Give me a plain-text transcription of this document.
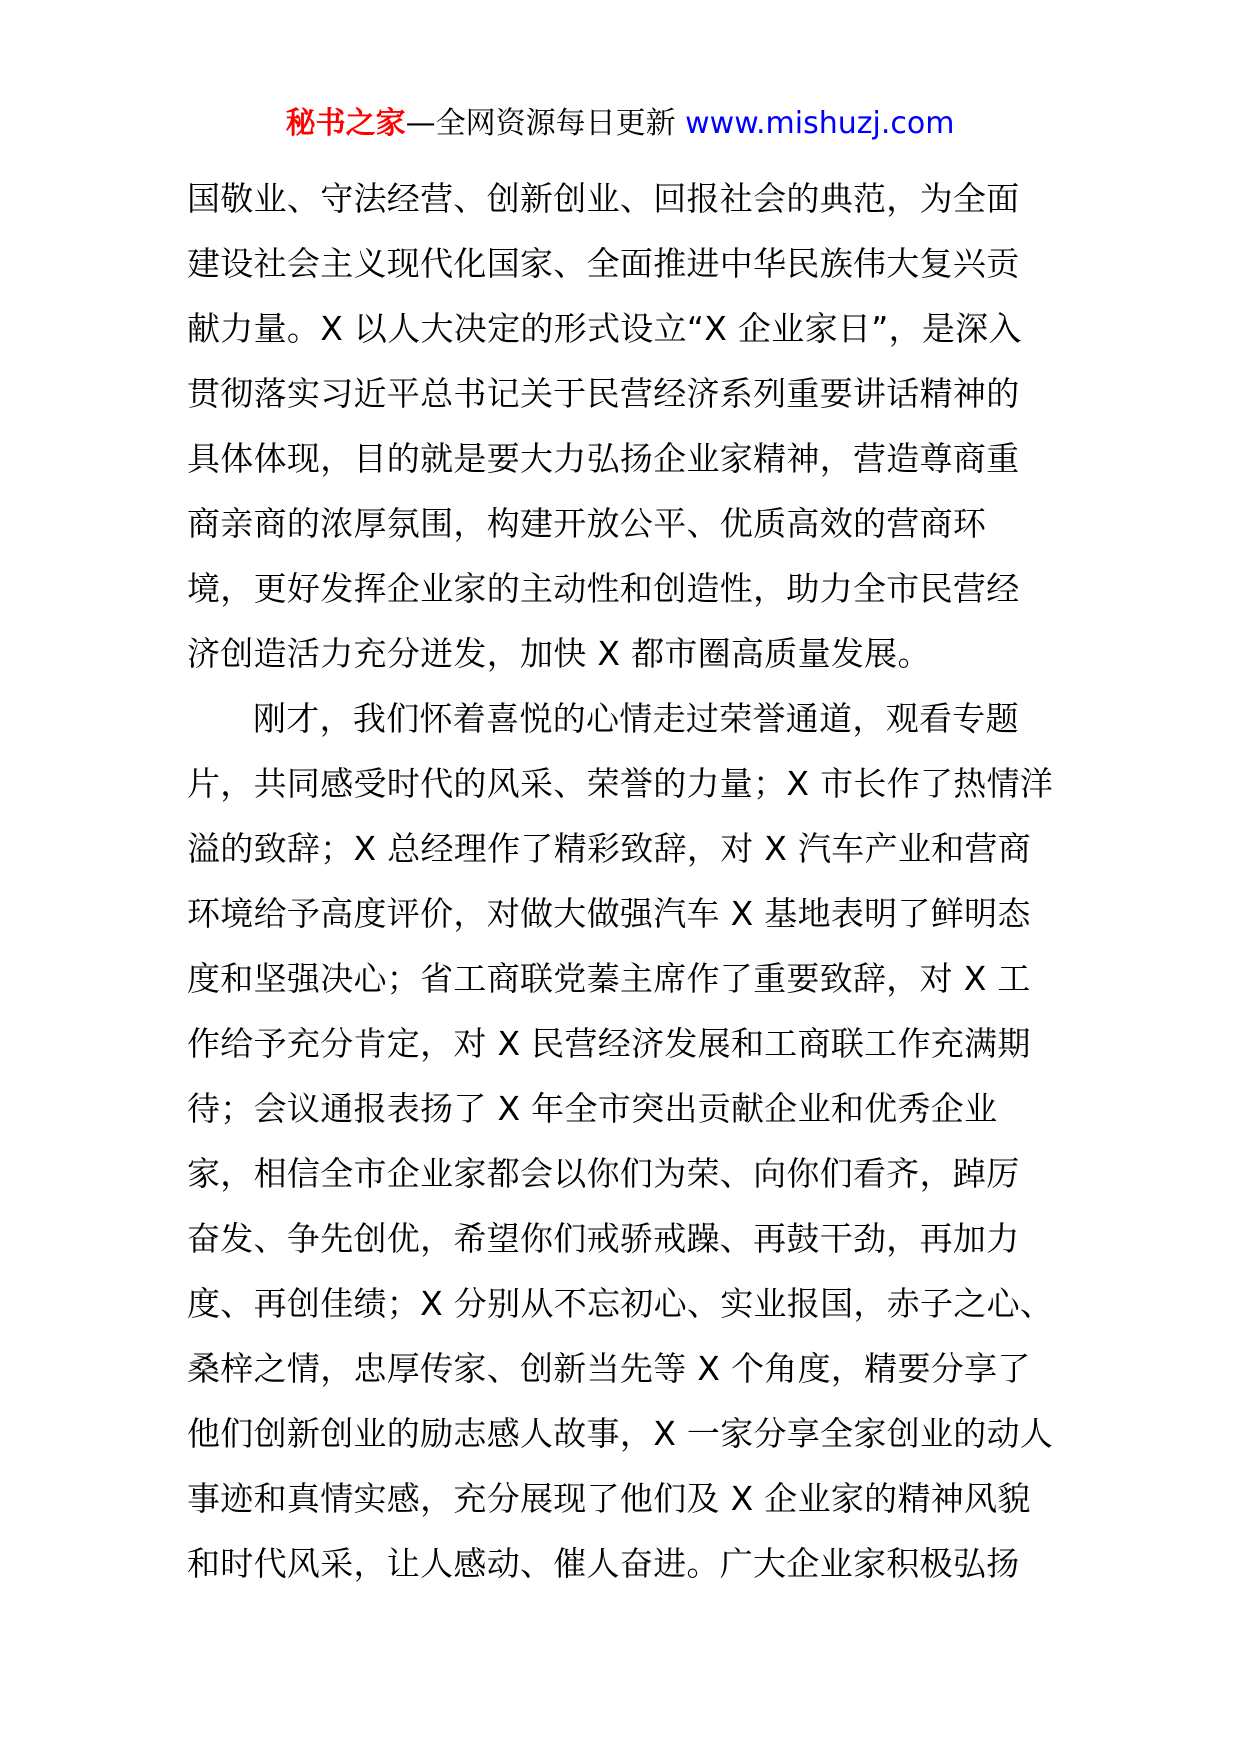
秘书之家—全网资源每日更新 www.mishuzj.com
国敬业、守法经营、创新创业、回报社会的典范，为全面
建设社会主义现代化国家、全面推进中华民族伟大复兴贡
献力量。X 以人大决定的形式设立“X 企业家日”，是深入
贯彻落实习近平总书记关于民营经济系列重要讲话精神的
具体体现，目的就是要大力弘扬企业家精神，营造尊商重
商亲商的浓厚氛围，构建开放公平、优质高效的营商环
境，更好发挥企业家的主动性和创造性，助力全市民营经
济创造活力充分迸发，加快 X 都市圈高质量发展。
刚才，我们怀着喜悦的心情走过荣誉通道，观看专题
片，共同感受时代的风采、荣誉的力量；X 市长作了热情洋
溢的致辞；X 总经理作了精彩致辞，对 X 汽车产业和营商
环境给予高度评价，对做大做强汽车 X 基地表明了鲜明态
度和坚强决心；省工商联党蓁主席作了重要致辞，对 X 工
作给予充分肯定，对 X 民营经济发展和工商联工作充满期
待；会议通报表扬了 X 年全市突出贡献企业和优秀企业
家，相信全市企业家都会以你们为荣、向你们看齐，踔厉
奋发、争先创优，希望你们戒骄戒躁、再鼓干劲，再加力
度、再创佳绩；X 分别从不忘初心、实业报国，赤子之心、
桑梓之情，忠厚传家、创新当先等 X 个角度，精要分享了
他们创新创业的励志感人故事，X 一家分享全家创业的动人
事迹和真情实感，充分展现了他们及 X 企业家的精神风貌
和时代风采，让人感动、催人奋进。广大企业家积极弘扬
